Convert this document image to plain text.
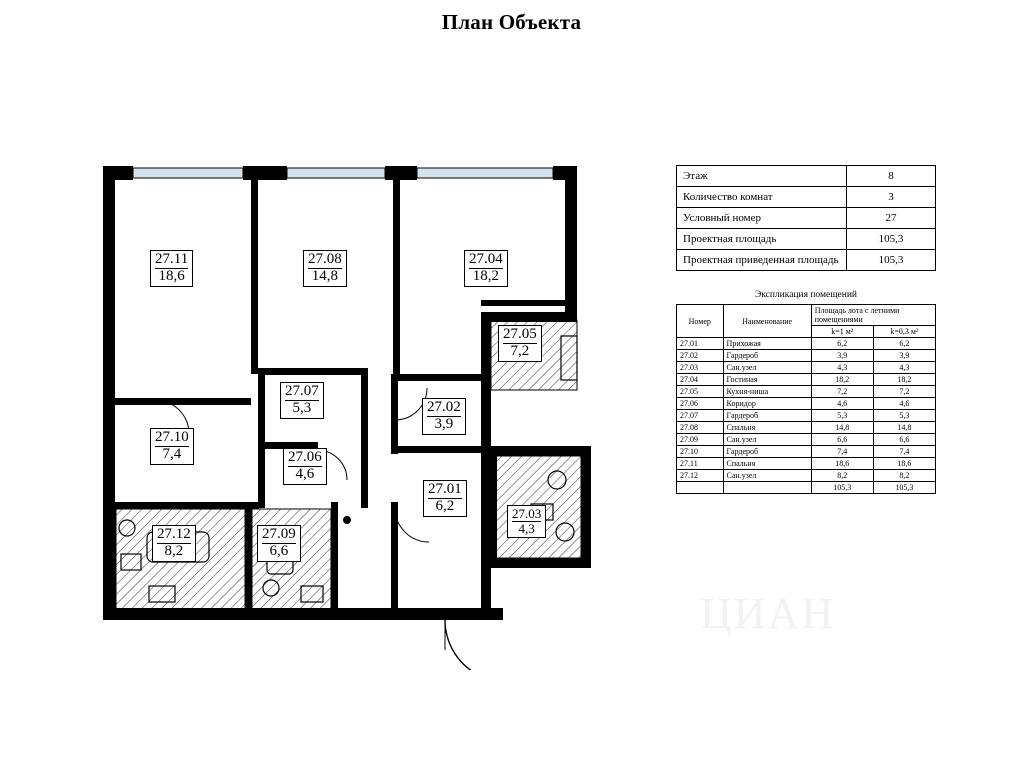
План Объекта
27.11
18,6
27.08
14,8
27.04
18,2
27.05
7,2
27.07
5,3	27.02
3,9
27.10
7,4	27.06
4,6
27.01
6,2	27.03
4,3
27.12
8,2
27.09
6,6
Этаж	8
Количество комнат	3
Условный номер	27
Проектная площадь	105,3
Проектная приведенная площадь	105,3
Экспликация помещений
Номер	Наименование	Площадь лота с летними помещениями	
		k=1 м²	k=0,3 м²
27.01	Прихожая	6,2	6,2
27.02	Гардероб	3,9	3,9
27.03	Сан.узел	4,3	4,3
27.04	Гостиная	18,2	18,2
27.05	Кухня-ниша	7,2	7,2
27.06	Коридор	4,6	4,6
27.07	Гардероб	5,3	5,3
27.08	Спальня	14,8	14,8
27.09	Сан.узел	6,6	6,6
27.10	Гардероб	7,4	7,4
27.11	Спальня	18,6	18,6
27.12	Сан.узел	8,2	8,2
		105,3	105,3
ЦИАН
